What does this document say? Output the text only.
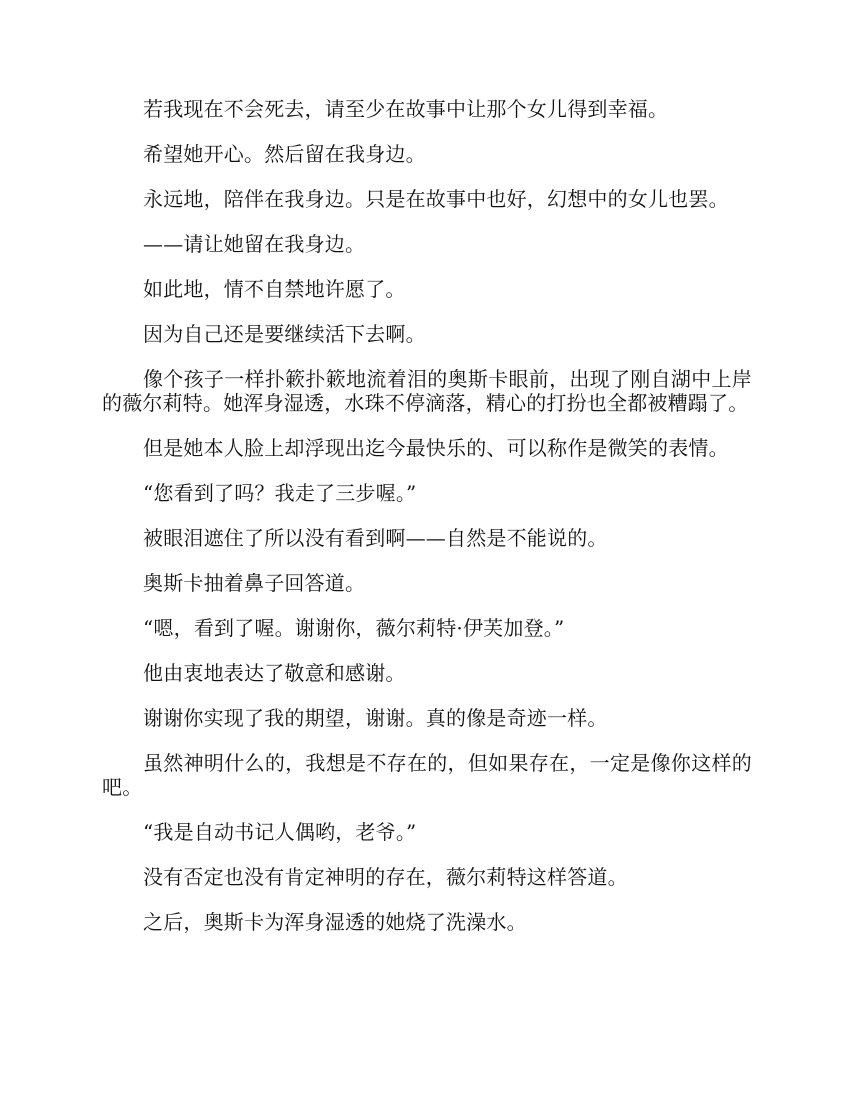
若我现在不会死去，请至少在故事中让那个女儿得到幸福。

希望她开心。然后留在我身边。

永远地，陪伴在我身边。只是在故事中也好，幻想中的女儿也罢。

——请让她留在我身边。

如此地，情不自禁地许愿了。

因为自己还是要继续活下去啊。

像个孩子一样扑簌扑簌地流着泪的奥斯卡眼前，出现了刚自湖中上岸的薇尔莉特。她浑身湿透，水珠不停滴落，精心的打扮也全都被糟蹋了。

但是她本人脸上却浮现出迄今最快乐的、可以称作是微笑的表情。

“您看到了吗？我走了三步喔。”

被眼泪遮住了所以没有看到啊——自然是不能说的。

奥斯卡抽着鼻子回答道。

“嗯，看到了喔。谢谢你，薇尔莉特·伊芙加登。”

他由衷地表达了敬意和感谢。

谢谢你实现了我的期望，谢谢。真的像是奇迹一样。

虽然神明什么的，我想是不存在的，但如果存在，一定是像你这样的吧。

“我是自动书记人偶哟，老爷。”

没有否定也没有肯定神明的存在，薇尔莉特这样答道。

之后，奥斯卡为浑身湿透的她烧了洗澡水。
